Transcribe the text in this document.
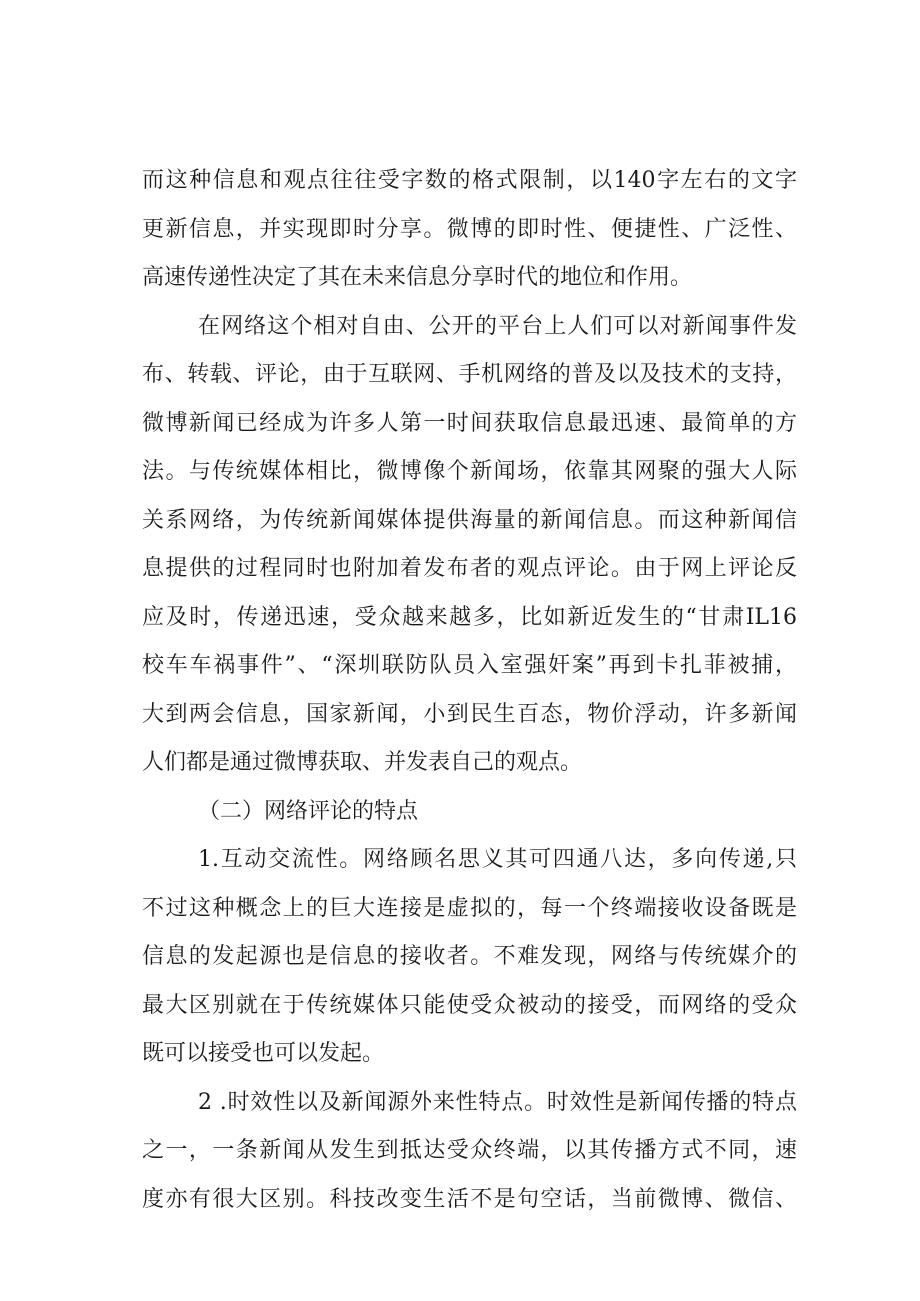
而这种信息和观点往往受字数的格式限制，以140字左右的文字
更新信息，并实现即时分享。微博的即时性、便捷性、广泛性、
高速传递性决定了其在未来信息分享时代的地位和作用。
在网络这个相对自由、公开的平台上人们可以对新闻事件发
布、转载、评论，由于互联网、手机网络的普及以及技术的支持，
微博新闻已经成为许多人第一时间获取信息最迅速、最简单的方
法。与传统媒体相比，微博像个新闻场，依靠其网聚的强大人际
关系网络，为传统新闻媒体提供海量的新闻信息。而这种新闻信
息提供的过程同时也附加着发布者的观点评论。由于网上评论反
应及时，传递迅速，受众越来越多，比如新近发生的“甘肃IL16
校车车祸事件”、“深圳联防队员入室强奸案”再到卡扎菲被捕，
大到两会信息，国家新闻，小到民生百态，物价浮动，许多新闻
人们都是通过微博获取、并发表自己的观点。
（二）网络评论的特点
1.互动交流性。网络顾名思义其可四通八达，多向传递,只
不过这种概念上的巨大连接是虚拟的，每一个终端接收设备既是
信息的发起源也是信息的接收者。不难发现，网络与传统媒介的
最大区别就在于传统媒体只能使受众被动的接受，而网络的受众
既可以接受也可以发起。
2 .时效性以及新闻源外来性特点。时效性是新闻传播的特点
之一，一条新闻从发生到抵达受众终端，以其传播方式不同，速
度亦有很大区别。科技改变生活不是句空话，当前微博、微信、
